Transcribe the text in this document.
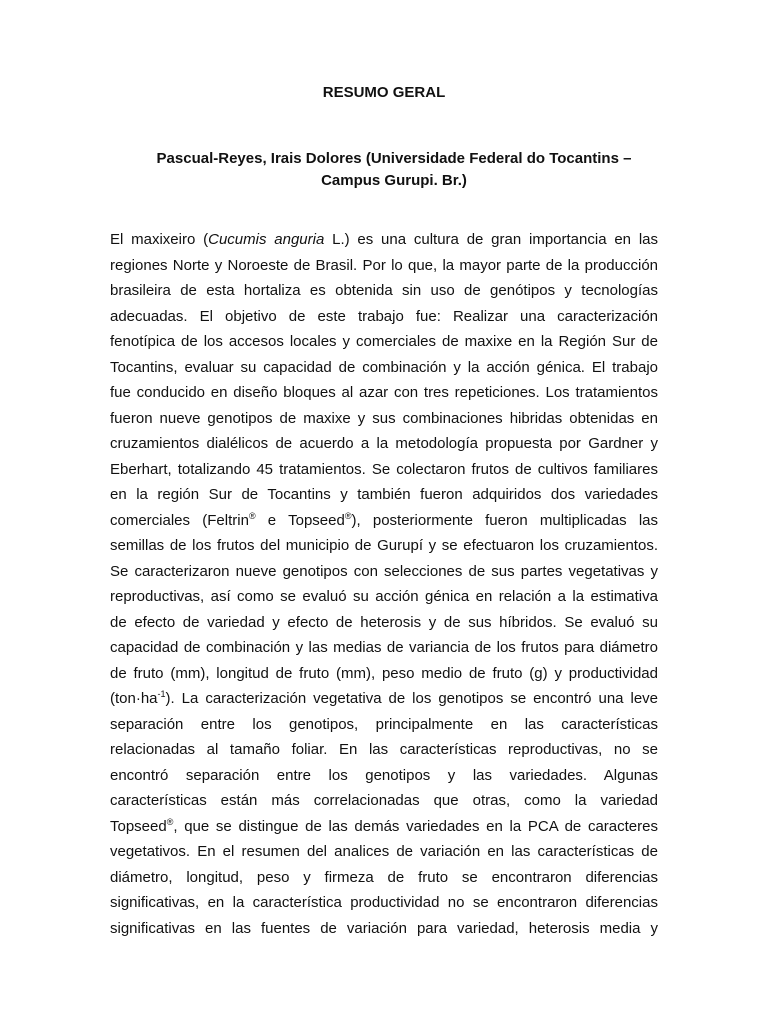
RESUMO GERAL
Pascual-Reyes, Irais Dolores (Universidade Federal do Tocantins –
Campus Gurupi. Br.)
El maxixeiro (Cucumis anguria L.) es una cultura de gran importancia en las
regiones Norte y Noroeste de Brasil. Por lo que, la mayor parte de la producción
brasileira de esta hortaliza es obtenida sin uso de genótipos y tecnologías
adecuadas. El objetivo de este trabajo fue: Realizar una caracterización
fenotípica de los accesos locales y comerciales de maxixe en la Región Sur de
Tocantins, evaluar su capacidad de combinación y la acción génica. El trabajo
fue conducido en diseño bloques al azar con tres repeticiones. Los tratamientos
fueron nueve genotipos de maxixe y sus combinaciones hibridas obtenidas en
cruzamientos dialélicos de acuerdo a la metodología propuesta por Gardner y
Eberhart, totalizando 45 tratamientos. Se colectaron frutos de cultivos familiares
en la región Sur de Tocantins y también fueron adquiridos dos variedades
comerciales (Feltrin® e Topseed®), posteriormente fueron multiplicadas las
semillas de los frutos del municipio de Gurupí y se efectuaron los cruzamientos.
Se caracterizaron nueve genotipos con selecciones de sus partes vegetativas y
reproductivas, así como se evaluó su acción génica en relación a la estimativa
de efecto de variedad y efecto de heterosis y de sus híbridos. Se evaluó su
capacidad de combinación y las medias de variancia de los frutos para diámetro
de fruto (mm), longitud de fruto (mm), peso medio de fruto (g) y productividad
$(ton\cdot ha^{-1})$. La caracterización vegetativa de los genotipos se encontró una leve
separación entre los genotipos, principalmente en las características
relacionadas al tamaño foliar. En las características reproductivas, no se
encontró separación entre los genotipos y las variedades. Algunas
características están más correlacionadas que otras, como la variedad
Topseed®, que se distingue de las demás variedades en la PCA de caracteres
vegetativos. En el resumen del analices de variación en las características de
diámetro, longitud, peso y firmeza de fruto se encontraron diferencias
significativas, en la característica productividad no se encontraron diferencias
significativas en las fuentes de variación para variedad, heterosis media y
